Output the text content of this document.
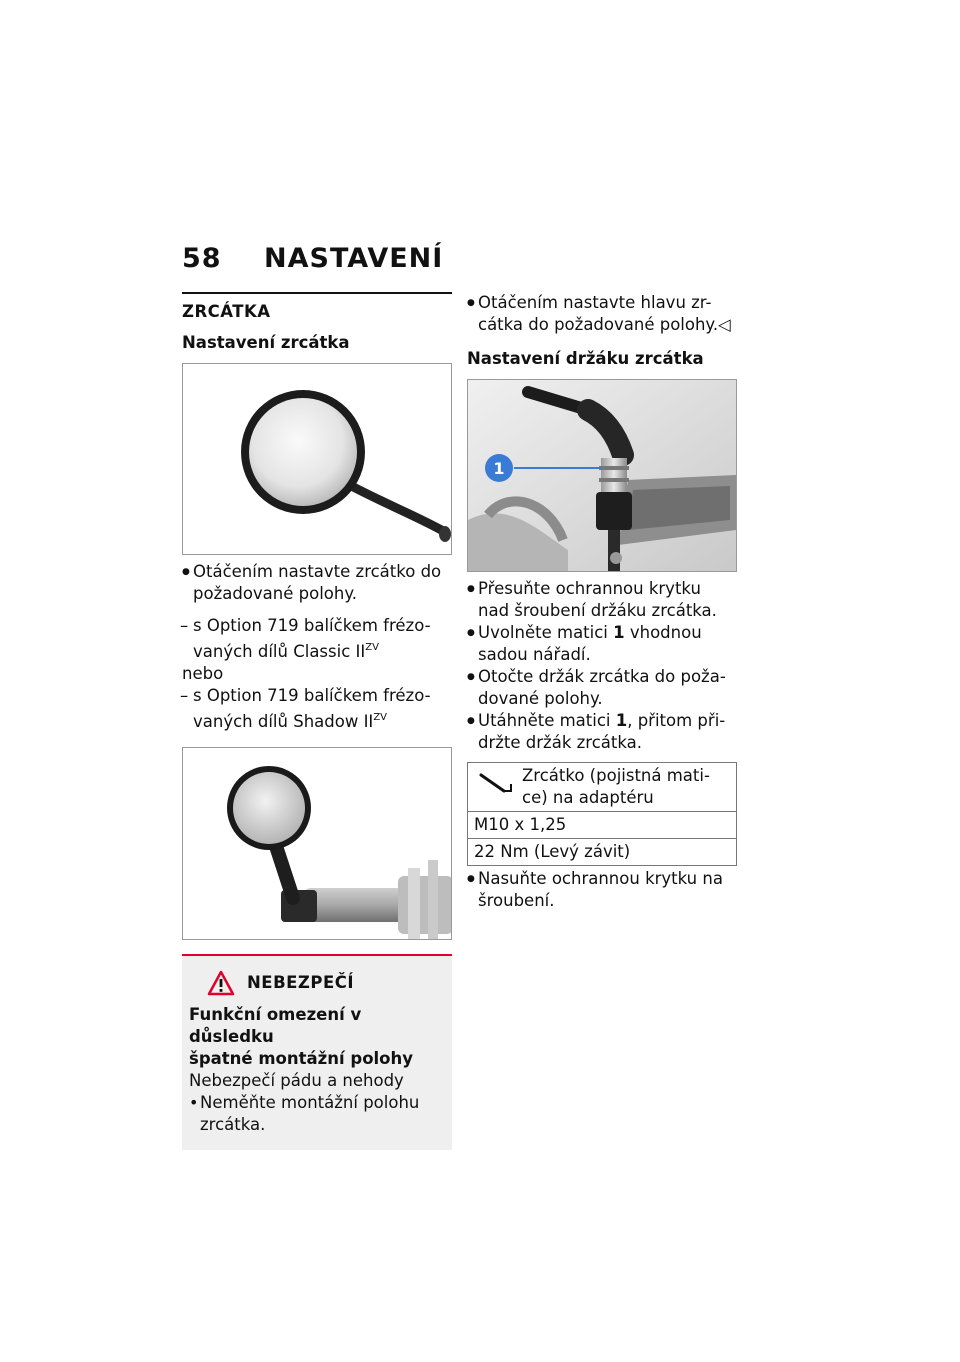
58	NASTAVENÍ
ZRCÁTKA
Nastavení zrcátka
● Otáčením nastavte zrcátko do
požadované polohy.
– s Option 719 balíčkem frézo-
vaných dílů Classic $II^{ZV}$
nebo
– s Option 719 balíčkem frézo-
vaných dílů Shadow $II^{ZV}$
NEBEZPEČÍ
Funkční omezení v důsledku
špatné montážní polohy
Nebezpečí pádu a nehody
• Neměňte montážní polohu
zrcátka.
● Otáčením nastavte hlavu zr-
cátka do požadované polohy.◁
Nastavení držáku zrcátka
1
● Přesuňte ochrannou krytku
nad šroubení držáku zrcátka.
● Uvolněte matici 1 vhodnou
sadou nářadí.
● Otočte držák zrcátka do poža-
dované polohy.
● Utáhněte matici 1, přitom při-
držte držák zrcátka.
Zrcátko (pojistná mati-
ce) na adaptéru

M10 x 1,25
22 Nm (Levý závit)
● Nasuňte ochrannou krytku na
šroubení.
